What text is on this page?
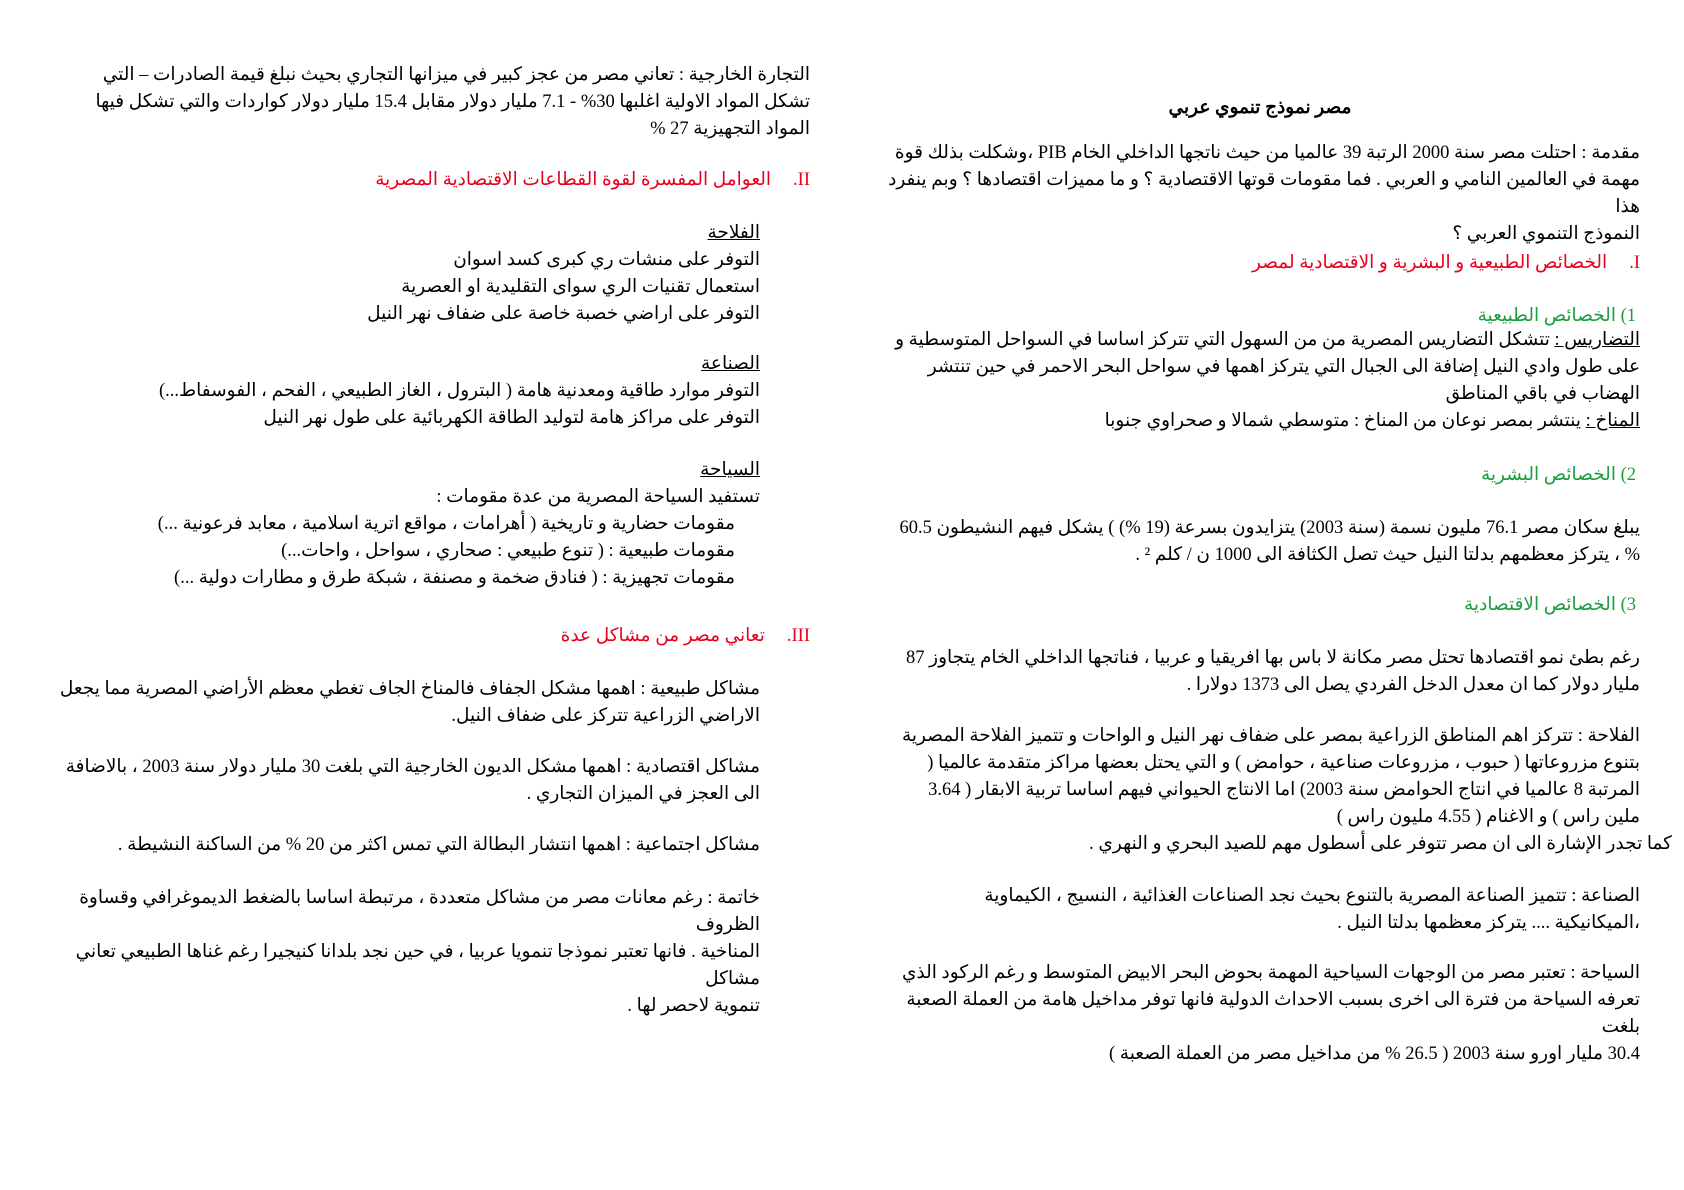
مصر نموذج تنموي عربي

مقدمة : احتلت مصر سنة 2000 الرتبة 39 عالميا من حيث ناتجها الداخلي الخام PIB ،وشكلت بذلك قوة

مهمة في العالمين النامي و العربي . فما مقومات قوتها الاقتصادية ؟ و ما مميزات اقتصادها ؟ وبم ينفرد هذا

النموذج التنموي العربي ؟

I.الخصائص الطبيعية و البشرية و الاقتصادية لمصر

1) الخصائص الطبيعية

التضاريس : تتشكل التضاريس المصرية من من السهول التي تتركز اساسا في السواحل المتوسطية و

على طول وادي النيل إضافة الى الجبال التي يتركز اهمها في سواحل البحر الاحمر في حين تنتشر

الهضاب في باقي المناطق

المناخ : ينتشر بمصر نوعان من المناخ : متوسطي شمالا و صحراوي جنوبا

2) الخصائص البشرية

يبلغ سكان مصر 76.1 مليون نسمة (سنة 2003) يتزايدون بسرعة (19 %) ) يشكل فيهم النشيطون 60.5

% ، يتركز معظمهم بدلتا النيل حيث تصل الكثافة الى 1000 ن / كلم ² .

3) الخصائص الاقتصادية

رغم بطئ نمو اقتصادها تحتل مصر مكانة لا باس بها افريقيا و عربيا ، فناتجها الداخلي الخام يتجاوز 87

مليار دولار كما ان معدل الدخل الفردي يصل الى 1373 دولارا .

الفلاحة : تتركز اهم المناطق الزراعية بمصر على ضفاف نهر النيل و الواحات و تتميز الفلاحة المصرية

بتنوع مزروعاتها ( حبوب ، مزروعات صناعية ، حوامض ) و التي يحتل بعضها مراكز متقدمة عالميا (

المرتبة 8 عالميا في انتاج الحوامض سنة 2003) اما الانتاج الحيواني فيهم اساسا تربية الابقار ( 3.64

ملين راس ) و الاغنام ( 4.55 مليون راس )

كما تجدر الإشارة الى ان مصر تتوفر على أسطول مهم للصيد البحري و النهري .

الصناعة : تتميز الصناعة المصرية بالتنوع بحيث نجد الصناعات الغذائية ، النسيج ، الكيماوية

،الميكانيكية .... يتركز معظمها بدلتا النيل .

السياحة : تعتبر مصر من الوجهات السياحية المهمة بحوض البحر الابيض المتوسط و رغم الركود الذي

تعرفه السياحة من فترة الى اخرى بسبب الاحداث الدولية فانها توفر مداخيل هامة من العملة الصعبة بلغت

30.4 مليار اورو سنة 2003 ( 26.5 % من مداخيل مصر من العملة الصعبة )

التجارة الخارجية : تعاني مصر من عجز كبير في ميزانها التجاري بحيث نبلغ قيمة الصادرات – التي

تشكل المواد الاولية اغلبها 30% - 7.1 مليار دولار مقابل 15.4 مليار دولار كواردات والتي تشكل فيها

المواد التجهيزية 27 %

II.العوامل المفسرة لقوة القطاعات الاقتصادية المصرية

الفلاحة

التوفر على منشات ري كبرى كسد اسوان

استعمال تقنيات الري سواى التقليدية او العصرية

التوفر على اراضي خصبة خاصة على ضفاف نهر النيل

الصناعة

التوفر موارد طاقية ومعدنية هامة ( البترول ، الغاز الطبيعي ، الفحم ، الفوسفاط...)

التوفر على مراكز هامة لتوليد الطاقة الكهربائية على طول نهر النيل

السياحة

تستفيد السياحة المصرية من عدة مقومات :

مقومات حضارية و تاريخية ( أهرامات ، مواقع اترية اسلامية ، معابد فرعونية ...)

مقومات طبيعية : ( تنوع طبيعي : صحاري ، سواحل ، واحات...)

مقومات تجهيزية : ( فنادق ضخمة و مصنفة ، شبكة طرق و مطارات دولية ...)

III.تعاني مصر من مشاكل عدة

مشاكل طبيعية : اهمها مشكل الجفاف فالمناخ الجاف تغطي معظم الأراضي المصرية مما يجعل

الاراضي الزراعية تتركز على ضفاف النيل.

مشاكل اقتصادية : اهمها مشكل الديون الخارجية التي بلغت 30 مليار دولار سنة 2003 ، بالاضافة

الى العجز في الميزان التجاري .

مشاكل اجتماعية : اهمها انتشار البطالة التي تمس اكثر من 20 % من الساكنة النشيطة .

خاتمة : رغم معانات مصر من مشاكل متعددة ، مرتبطة اساسا بالضغط الديموغرافي وقساوة الظروف

المناخية . فانها تعتبر نموذجا تنمويا عربيا ، في حين نجد بلدانا كنيجيرا رغم غناها الطبيعي تعاني مشاكل

تنموية لاحصر لها .
